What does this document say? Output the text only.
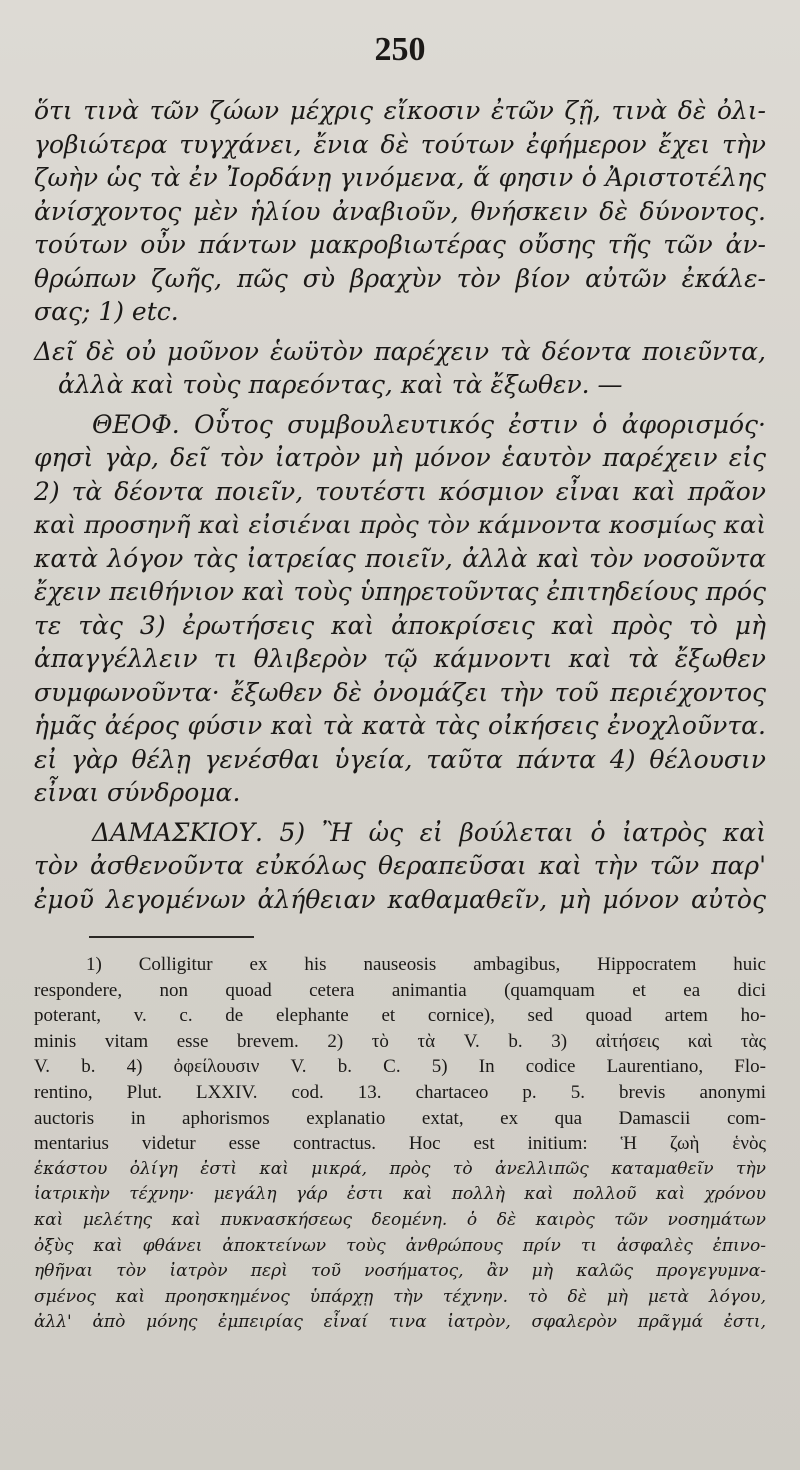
250
ὅτι τινὰ τῶν ζώων μέχρις εἴκοσιν ἐτῶν ζῇ, τινὰ δὲ ὀλι-
γοβιώτερα τυγχάνει, ἔνια δὲ τούτων ἐφήμερον ἔχει τὴν
ζωὴν ὡς τὰ ἐν Ἰορδάνῃ γινόμενα, ἅ φησιν ὁ Ἀριστοτέλης
ἀνίσχοντος μὲν ἡλίου ἀναβιοῦν, θνήσκειν δὲ δύνοντος.
τούτων οὖν πάντων μακροβιωτέρας οὔσης τῆς τῶν ἀν-
θρώπων ζωῆς, πῶς σὺ βραχὺν τὸν βίον αὐτῶν ἐκάλε-
σας; 1) etc.
Δεῖ δὲ οὐ μοῦνον ἑωϋτὸν παρέχειν τὰ δέοντα ποιεῦντα,
ἀλλὰ καὶ τοὺς παρεόντας, καὶ τὰ ἔξωθεν. —
ΘΕΟΦ. Οὗτος συμβουλευτικός ἐστιν ὁ ἀφορισμός·
φησὶ γὰρ, δεῖ τὸν ἰατρὸν μὴ μόνον ἑαυτὸν παρέχειν εἰς
2) τὰ δέοντα ποιεῖν, τουτέστι κόσμιον εἶναι καὶ πρᾶον
καὶ προσηνῆ καὶ εἰσιέναι πρὸς τὸν κάμνοντα κοσμίως καὶ
κατὰ λόγον τὰς ἰατρείας ποιεῖν, ἀλλὰ καὶ τὸν νοσοῦντα
ἔχειν πειθήνιον καὶ τοὺς ὑπηρετοῦντας ἐπιτηδείους πρός
τε τὰς 3) ἐρωτήσεις καὶ ἀποκρίσεις καὶ πρὸς τὸ μὴ
ἀπαγγέλλειν τι θλιβερὸν τῷ κάμνοντι καὶ τὰ ἔξωθεν
συμφωνοῦντα· ἔξωθεν δὲ ὀνομάζει τὴν τοῦ περιέχοντος
ἡμᾶς ἀέρος φύσιν καὶ τὰ κατὰ τὰς οἰκήσεις ἐνοχλοῦντα.
εἰ γὰρ θέλῃ γενέσθαι ὑγεία, ταῦτα πάντα 4) θέλουσιν
εἶναι σύνδρομα.
ΔΑΜΑΣΚΙΟΥ. 5) Ἢ ὡς εἰ βούλεται ὁ ἰατρὸς καὶ
τὸν ἀσθενοῦντα εὐκόλως θεραπεῦσαι καὶ τὴν τῶν παρ'
ἐμοῦ λεγομένων ἀλήθειαν καθαμαθεῖν, μὴ μόνον αὐτὸς
1) Colligitur ex his nauseosis ambagibus, Hippocratem huic
respondere, non quoad cetera animantia (quamquam et ea dici
poterant, v. c. de elephante et cornice), sed quoad artem ho-
minis vitam esse brevem. 2) τὸ τὰ V. b. 3) αἰτήσεις καὶ τὰς
V. b. 4) ὀφείλουσιν V. b. C. 5) In codice Laurentiano, Flo-
rentino, Plut. LXXIV. cod. 13. chartaceo p. 5. brevis anonymi
auctoris in aphorismos explanatio extat, ex qua Damascii com-
mentarius videtur esse contractus. Hoc est initium: Ἡ ζωὴ ἑνὸς
ἑκάστου ὀλίγη ἐστὶ καὶ μικρά, πρὸς τὸ ἀνελλιπῶς καταμαθεῖν τὴν
ἰατρικὴν τέχνην· μεγάλη γάρ ἐστι καὶ πολλὴ καὶ πολλοῦ καὶ χρόνου
καὶ μελέτης καὶ πυκνασκήσεως δεομένη. ὁ δὲ καιρὸς τῶν νοσημάτων
ὀξὺς καὶ φθάνει ἀποκτείνων τοὺς ἀνθρώπους πρίν τι ἀσφαλὲς ἐπινο-
ηθῆναι τὸν ἰατρὸν περὶ τοῦ νοσήματος, ἂν μὴ καλῶς προγεγυμνα-
σμένος καὶ προησκημένος ὑπάρχῃ τὴν τέχνην. τὸ δὲ μὴ μετὰ λόγου,
ἀλλ' ἀπὸ μόνης ἐμπειρίας εἶναί τινα ἰατρὸν, σφαλερὸν πρᾶγμά ἐστι,
